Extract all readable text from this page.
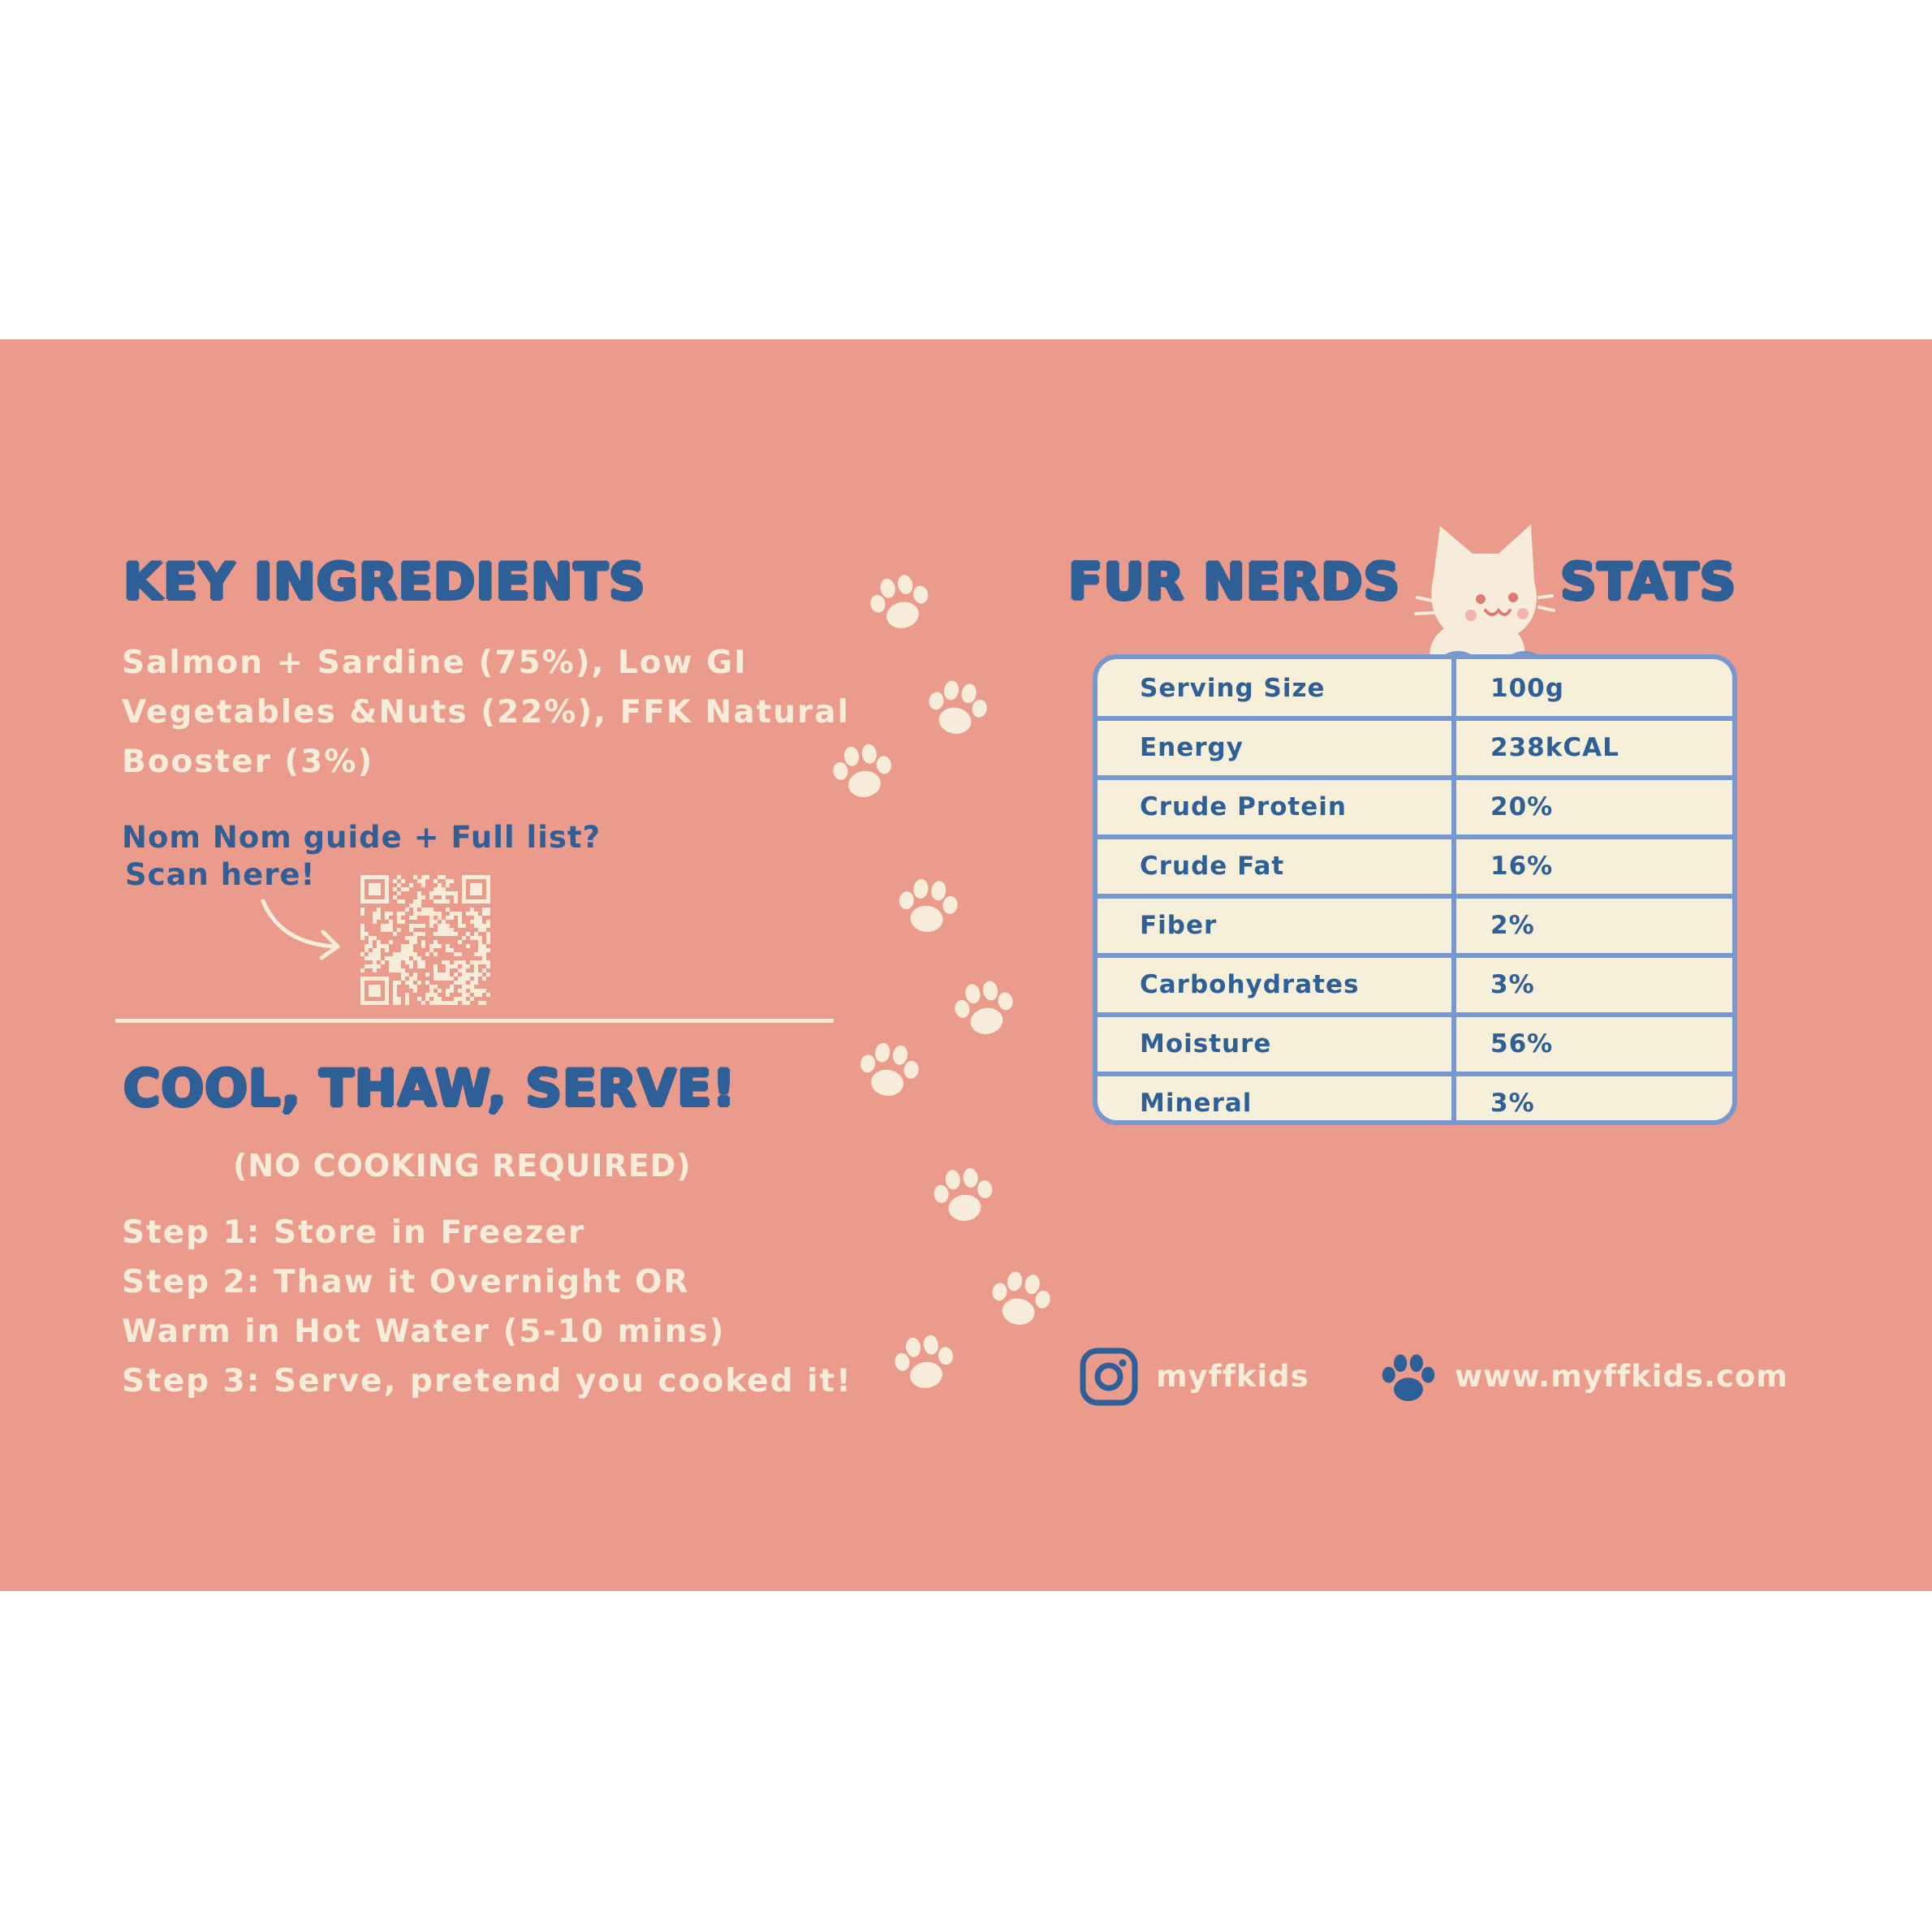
KEY INGREDIENTS
Salmon + Sardine (75%), Low GI
Vegetables &Nuts (22%), FFK Natural
Booster (3%)
Nom Nom guide + Full list?
Scan here!
COOL, THAW, SERVE!
(NO COOKING REQUIRED)
Step 1: Store in Freezer
Step 2: Thaw it Overnight OR
Warm in Hot Water (5-10 mins)
Step 3: Serve, pretend you cooked it!
FUR NERDS	STATS
Serving Size	100g
Energy	238kCAL
Crude Protein	20%
Crude Fat	16%
Fiber	2%
Carbohydrates	3%
Moisture	56%
Mineral	3%
myffkids	www.myffkids.com
